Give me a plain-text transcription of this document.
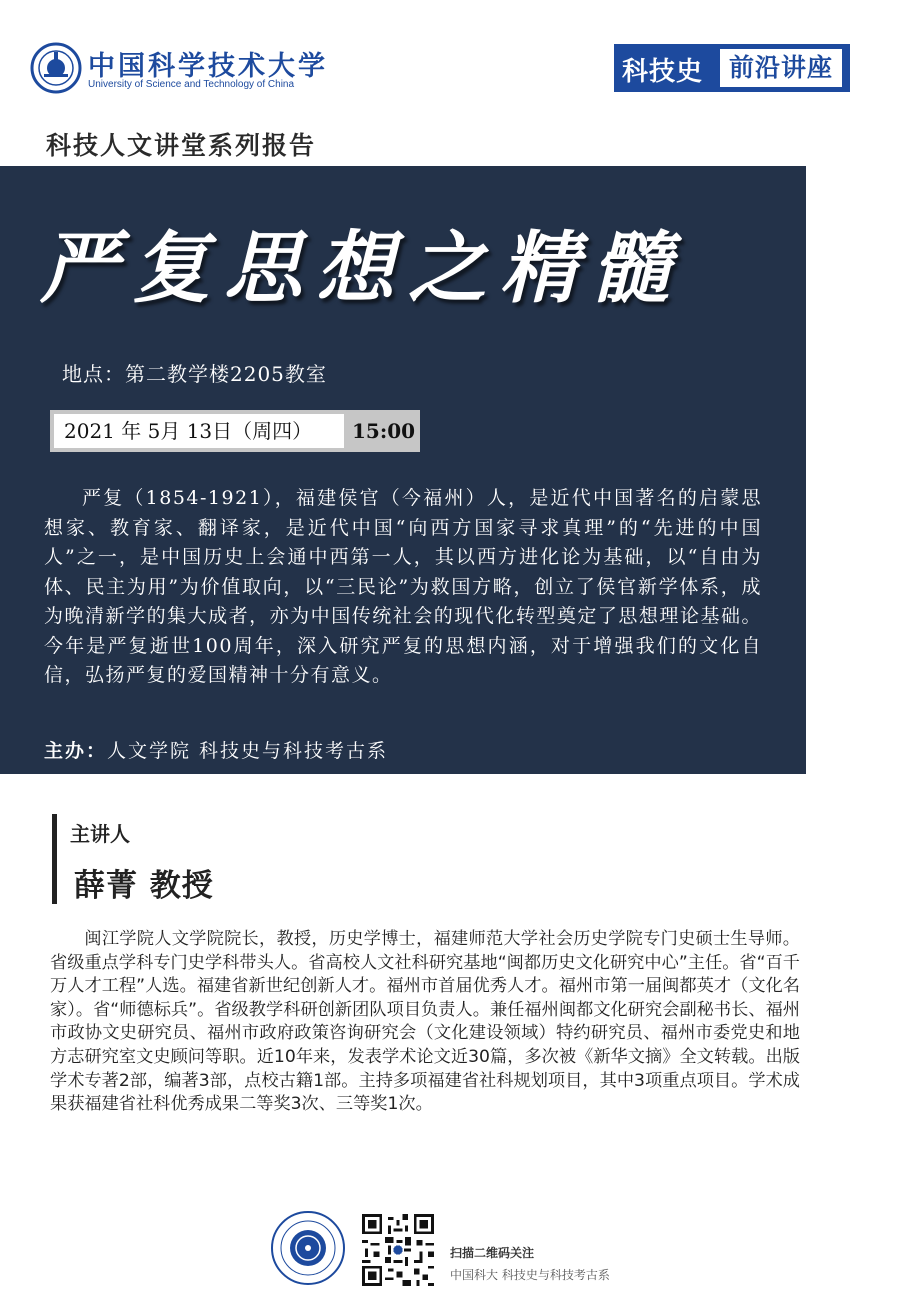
中国科学技术大学
University of Science and Technology of China	科技史	前沿讲座
科技人文讲堂系列报告
严复思想之精髓
地点：第二教学楼2205教室
2021 年 5月 13日（周四）	15:00
严复（1854-1921），福建侯官（今福州）人，是近代中国著名的启蒙思想家、教育家、翻译家，是近代中国“向西方国家寻求真理”的“先进的中国人”之一，是中国历史上会通中西第一人，其以西方进化论为基础，以“自由为体、民主为用”为价值取向，以“三民论”为救国方略，创立了侯官新学体系，成为晚清新学的集大成者，亦为中国传统社会的现代化转型奠定了思想理论基础。今年是严复逝世100周年，深入研究严复的思想内涵，对于增强我们的文化自信，弘扬严复的爱国精神十分有意义。
主办：人文学院 科技史与科技考古系
主讲人
薛菁 教授
闽江学院人文学院院长，教授，历史学博士，福建师范大学社会历史学院专门史硕士生导师。省级重点学科专门史学科带头人。省高校人文社科研究基地“闽都历史文化研究中心”主任。省“百千万人才工程”人选。福建省新世纪创新人才。福州市首届优秀人才。福州市第一届闽都英才（文化名家）。省“师德标兵”。省级教学科研创新团队项目负责人。兼任福州闽都文化研究会副秘书长、福州市政协文史研究员、福州市政府政策咨询研究会（文化建设领域）特约研究员、福州市委党史和地方志研究室文史顾问等职。近10年来，发表学术论文近30篇，多次被《新华文摘》全文转载。出版学术专著2部，编著3部，点校古籍1部。主持多项福建省社科规划项目，其中3项重点项目。学术成果获福建省社科优秀成果二等奖3次、三等奖1次。
扫描二维码关注
中国科大 科技史与科技考古系
